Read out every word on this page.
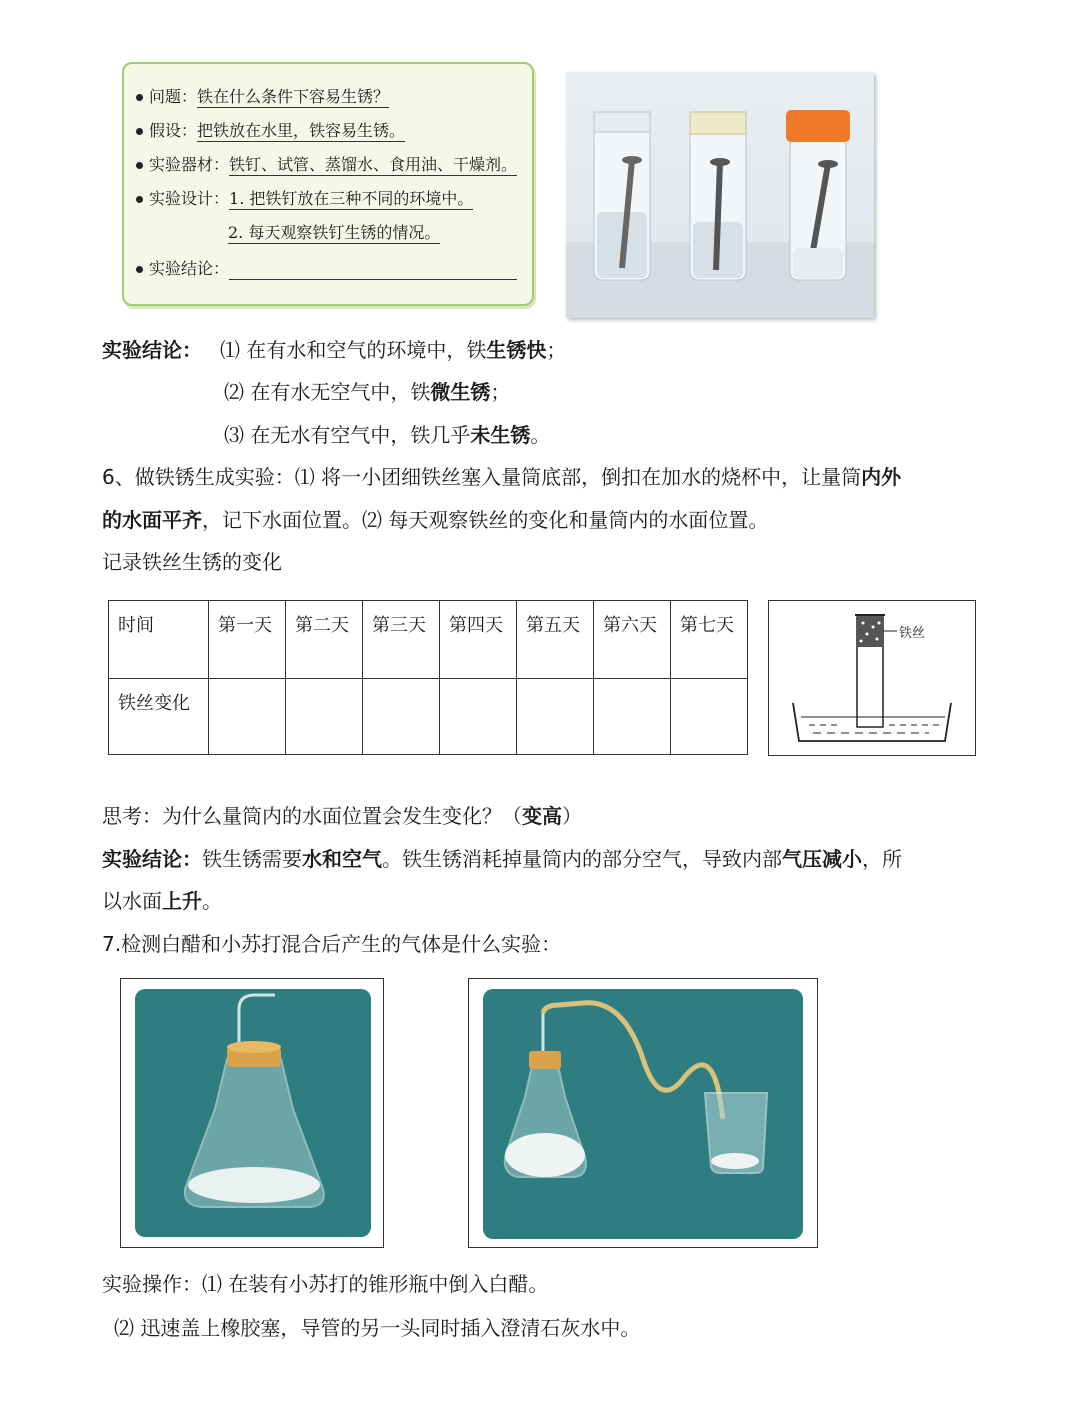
问题：铁在什么条件下容易生锈？
假设：把铁放在水里，铁容易生锈。
实验器材：铁钉、试管、蒸馏水、食用油、干燥剂。
实验设计：1. 把铁钉放在三种不同的环境中。
2. 每天观察铁钉生锈的情况。
实验结论：
实验结论： ⑴ 在有水和空气的环境中，铁生锈快；
⑵ 在有水无空气中，铁微生锈；
⑶ 在无水有空气中，铁几乎未生锈。
6、做铁锈生成实验：⑴ 将一小团细铁丝塞入量筒底部，倒扣在加水的烧杯中，让量筒内外
的水面平齐，记下水面位置。⑵ 每天观察铁丝的变化和量筒内的水面位置。
记录铁丝生锈的变化
时间	第一天	第二天	第三天	第四天	第五天	第六天	第七天
铁丝变化							
铁丝
思考：为什么量筒内的水面位置会发生变化？（变高）
实验结论：铁生锈需要水和空气。铁生锈消耗掉量筒内的部分空气，导致内部气压减小，所
以水面上升。
7.检测白醋和小苏打混合后产生的气体是什么实验：
实验操作：⑴ 在装有小苏打的锥形瓶中倒入白醋。
⑵ 迅速盖上橡胶塞，导管的另一头同时插入澄清石灰水中。
